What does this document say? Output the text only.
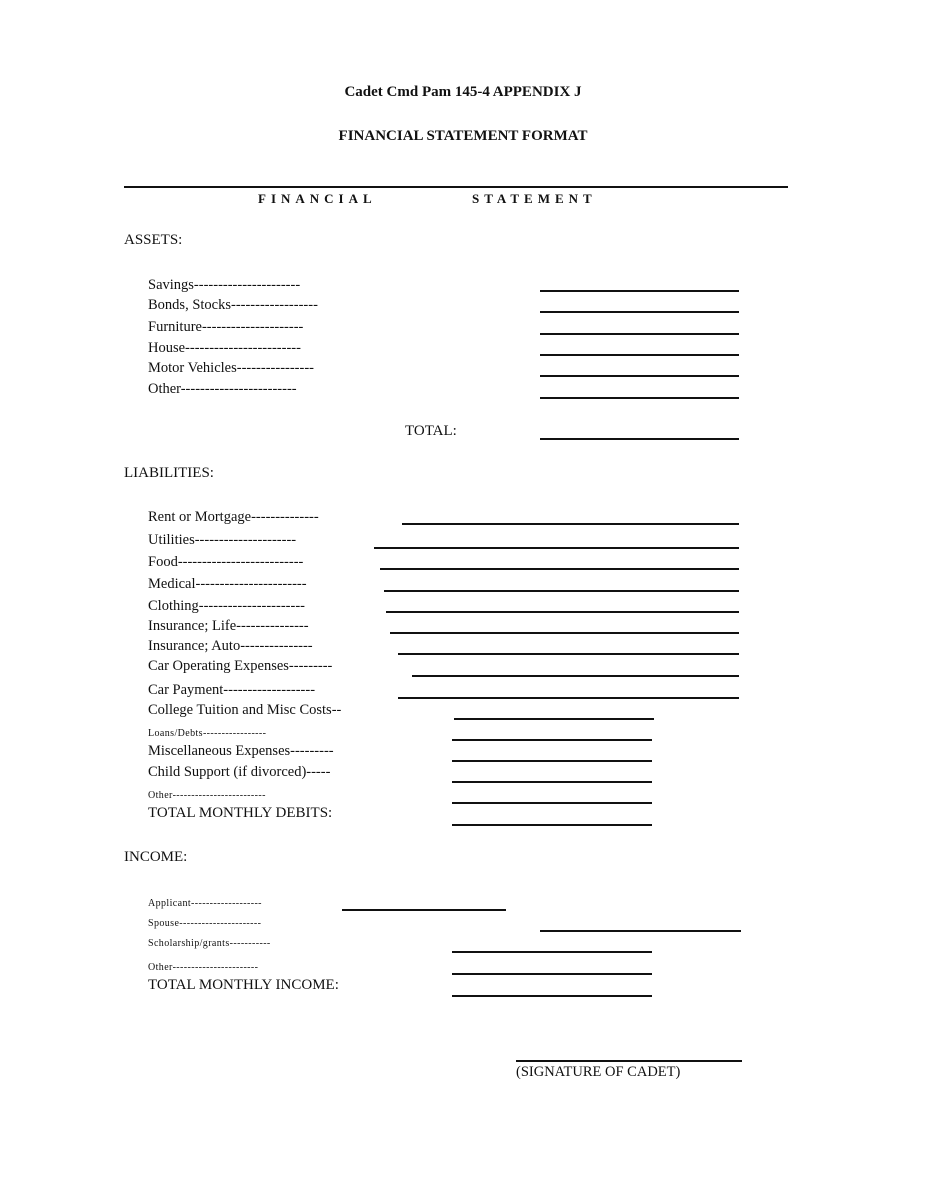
Cadet Cmd Pam 145-4 APPENDIX J
FINANCIAL STATEMENT FORMAT
FINANCIAL	STATEMENT
ASSETS:
Savings----------------------
Bonds, Stocks------------------
Furniture---------------------
House------------------------
Motor Vehicles----------------
Other------------------------
TOTAL:
LIABILITIES:
Rent or Mortgage--------------
Utilities---------------------
Food--------------------------
Medical-----------------------
Clothing----------------------
Insurance; Life---------------
Insurance; Auto---------------
Car Operating Expenses---------
Car Payment-------------------
College Tuition and Misc Costs--
Loans/Debts-----------------
Miscellaneous Expenses---------
Child Support (if divorced)-----
Other-------------------------
TOTAL MONTHLY DEBITS:
INCOME:
Applicant-------------------
Spouse----------------------
Scholarship/grants-----------
Other-----------------------
TOTAL MONTHLY INCOME:
(SIGNATURE OF CADET)
